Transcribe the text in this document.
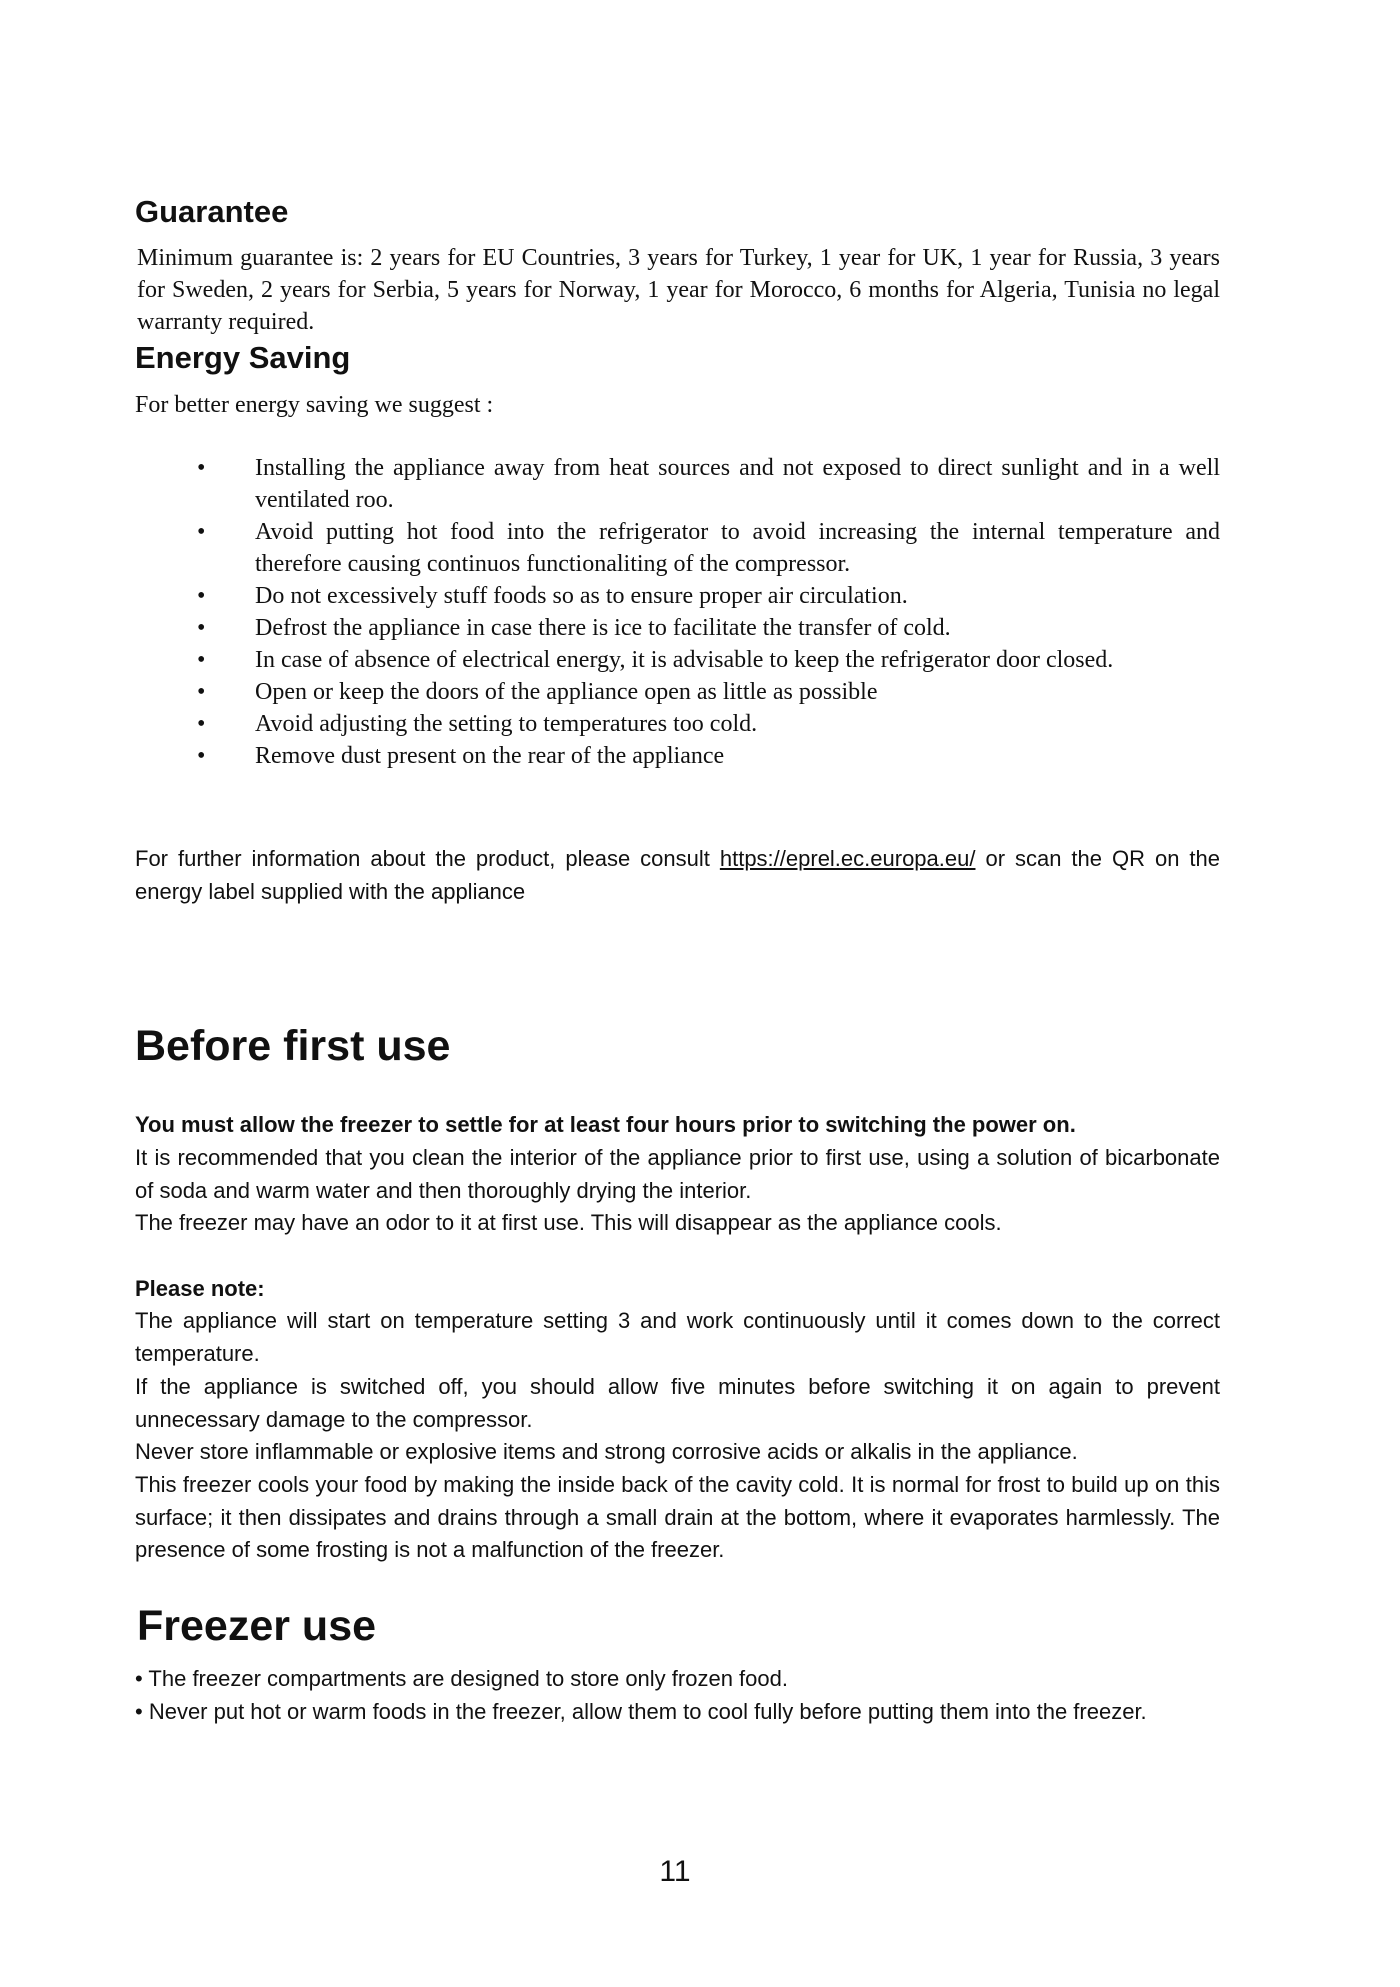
Guarantee

Minimum guarantee is: 2 years for EU Countries, 3 years for Turkey, 1 year for UK, 1 year for Russia, 3 years for Sweden, 2 years for Serbia, 5 years for Norway, 1 year for Morocco, 6 months for Algeria, Tunisia no legal warranty required.

Energy Saving

For better energy saving we suggest :

• Installing the appliance away from heat sources and not exposed to direct sunlight and in a well ventilated roo.
• Avoid putting hot food into the refrigerator to avoid increasing the internal temperature and therefore causing continuos functionaliting of the compressor.
• Do not excessively stuff foods so as to ensure proper air circulation.
• Defrost the appliance in case there is ice to facilitate the transfer of cold.
• In case of absence of electrical energy, it is advisable to keep the refrigerator door closed.
• Open or keep the doors of the appliance open as little as possible
• Avoid adjusting the setting to temperatures too cold.
• Remove dust present on the rear of the appliance

For further information about the product, please consult https://eprel.ec.europa.eu/ or scan the QR on the energy label supplied with the appliance

Before first use

You must allow the freezer to settle for at least four hours prior to switching the power on.

It is recommended that you clean the interior of the appliance prior to first use, using a solution of bicarbonate of soda and warm water and then thoroughly drying the interior.

The freezer may have an odor to it at first use. This will disappear as the appliance cools.

Please note:

The appliance will start on temperature setting 3 and work continuously until it comes down to the correct temperature.

If the appliance is switched off, you should allow five minutes before switching it on again to prevent unnecessary damage to the compressor.

Never store inflammable or explosive items and strong corrosive acids or alkalis in the appliance.

This freezer cools your food by making the inside back of the cavity cold. It is normal for frost to build up on this surface; it then dissipates and drains through a small drain at the bottom, where it evaporates harmlessly. The presence of some frosting is not a malfunction of the freezer.

Freezer use

• The freezer compartments are designed to store only frozen food.

• Never put hot or warm foods in the freezer, allow them to cool fully before putting them into the freezer.

11
